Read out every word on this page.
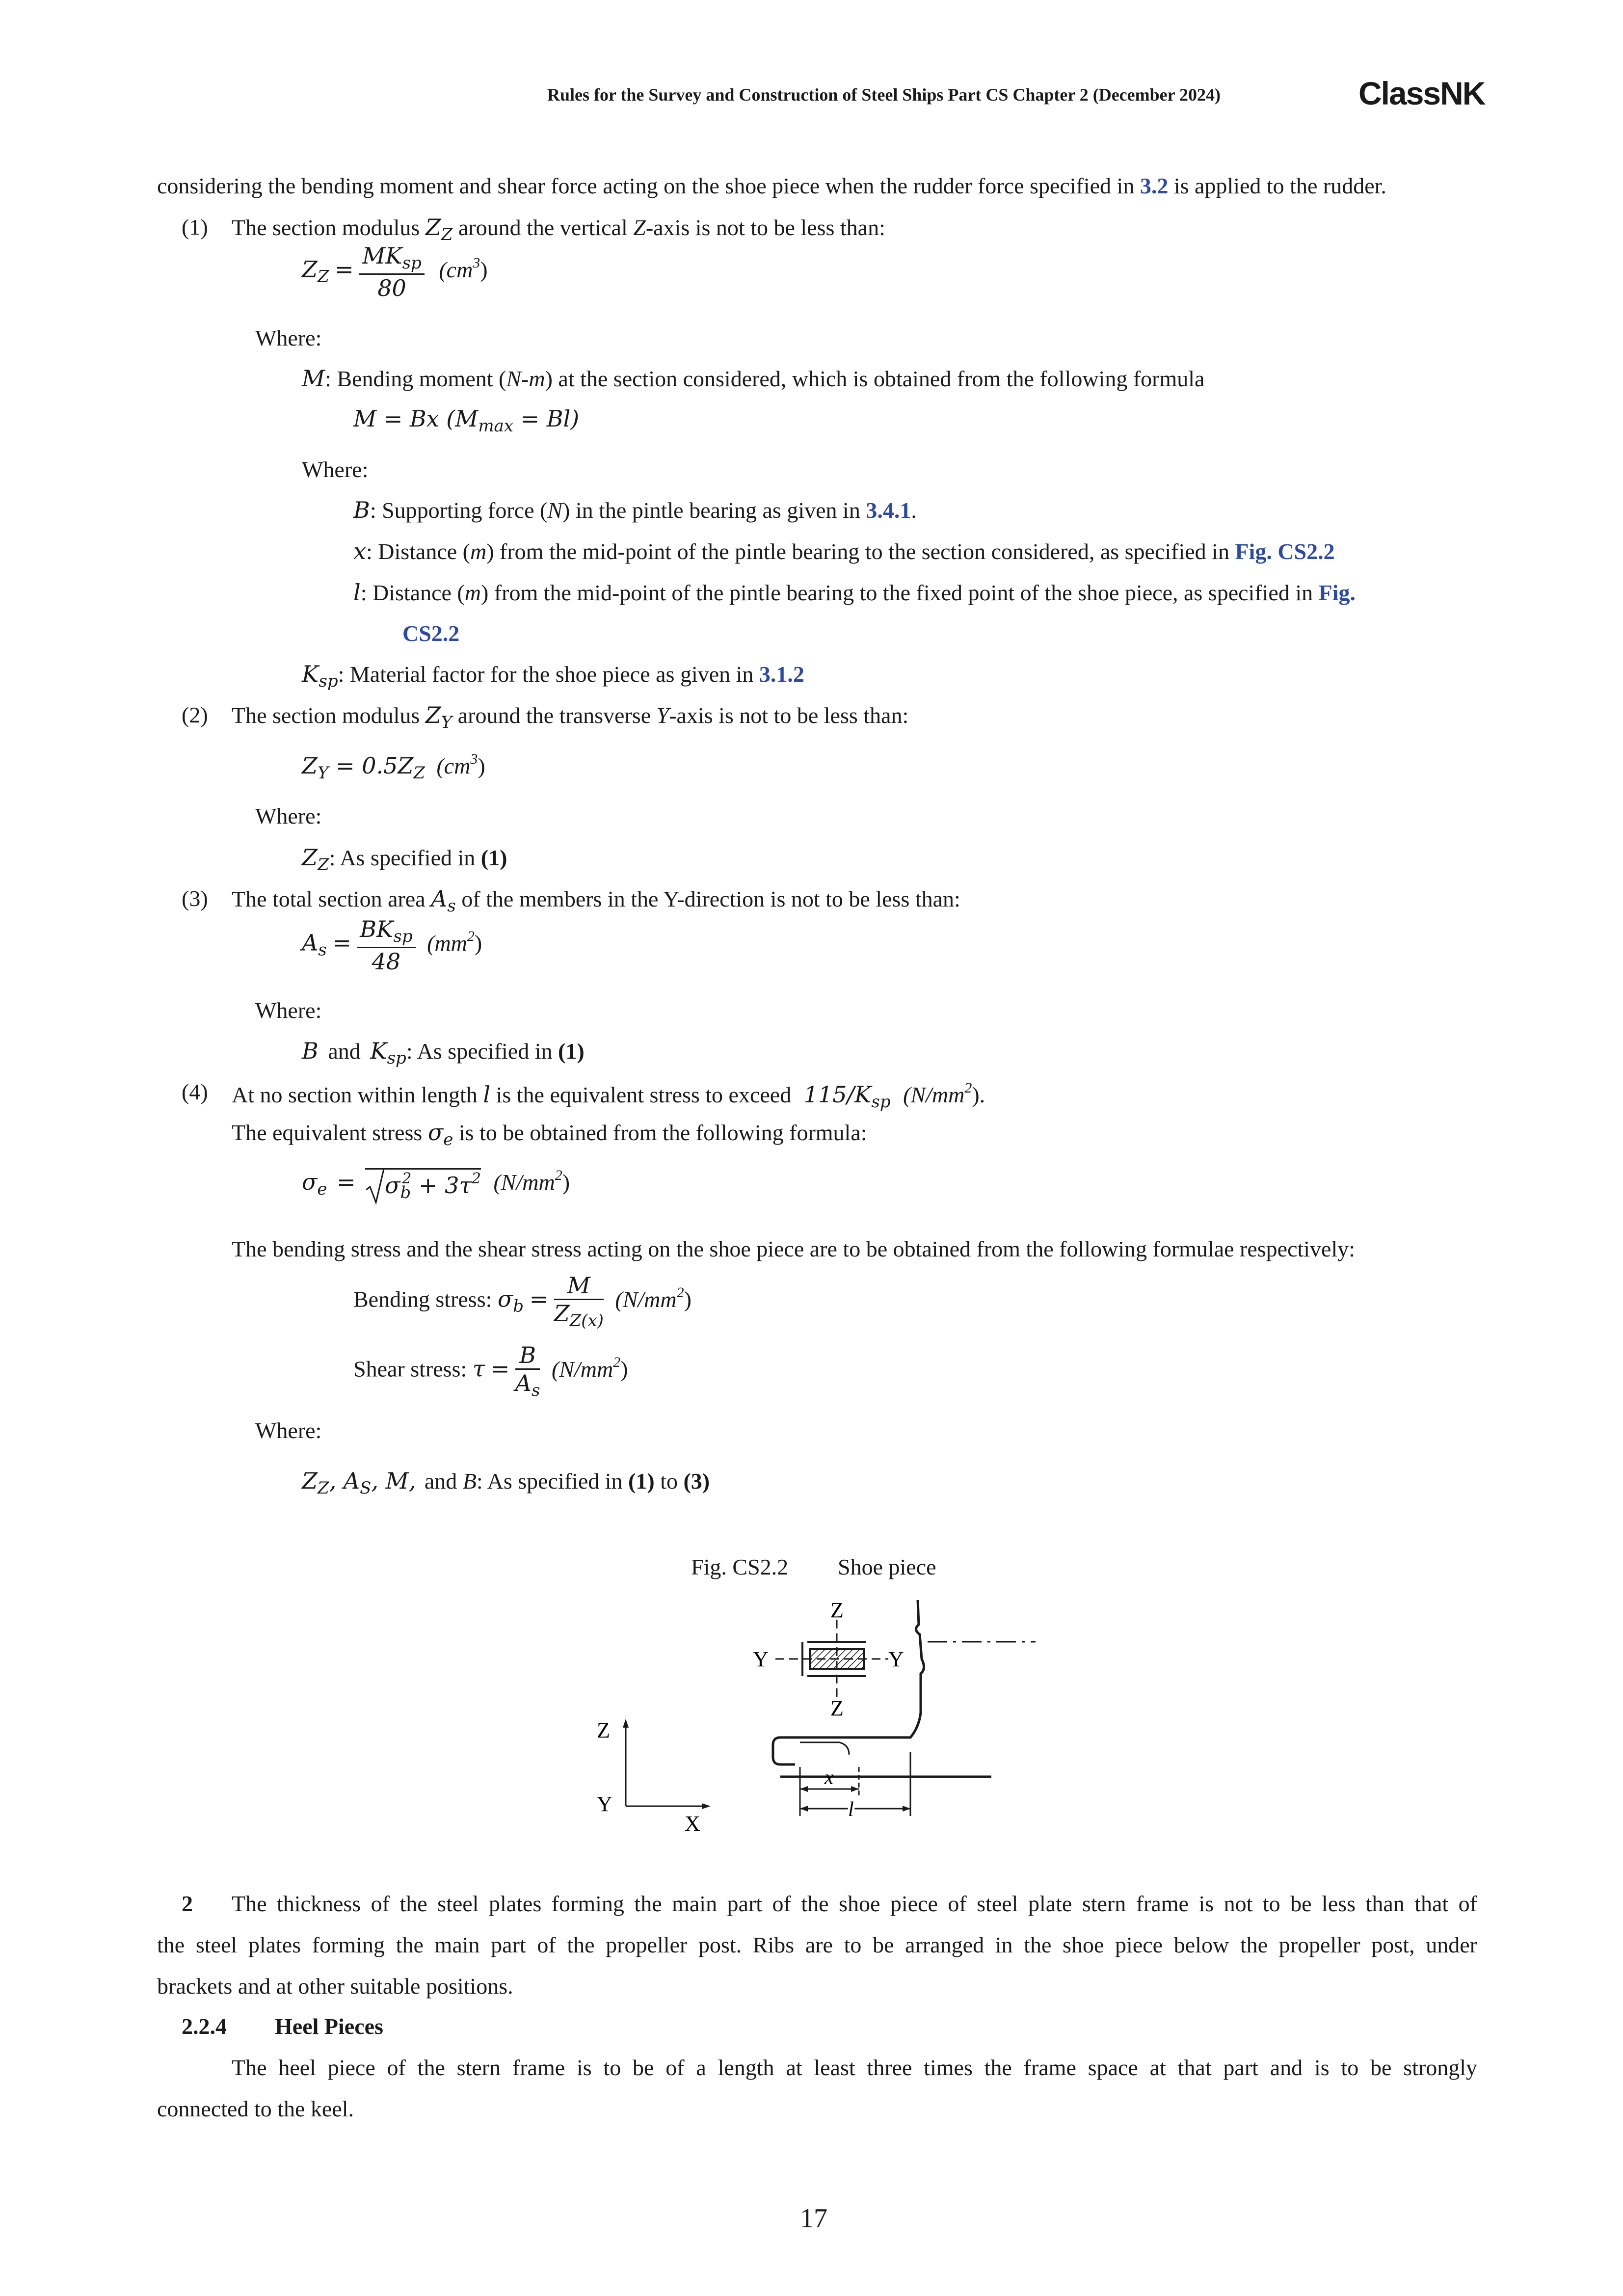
Rules for the Survey and Construction of Steel Ships Part CS Chapter 2 (December 2024)	ClassNK
considering the bending moment and shear force acting on the shoe piece when the rudder force specified in 3.2 is applied to the rudder.
(1) The section modulus $Z_Z$ around the vertical Z-axis is not to be less than:
$Z_Z = \frac{MK_{sp}}{80} (cm^3)$
Where:
M: Bending moment (N-m) at the section considered, which is obtained from the following formula
M = Bx $(M_{max} = Bl)$
Where:
B: Supporting force (N) in the pintle bearing as given in 3.4.1.
x: Distance (m) from the mid-point of the pintle bearing to the section considered, as specified in Fig. CS2.2
l: Distance (m) from the mid-point of the pintle bearing to the fixed point of the shoe piece, as specified in Fig.
CS2.2
$K_{sp}$: Material factor for the shoe piece as given in 3.1.2
(2) The section modulus $Z_Y$ around the transverse Y-axis is not to be less than:
$Z_Y = 0.5Z_Z$ $(cm^3)$
Where:
$Z_Z$: As specified in (1)
(3) The total section area $A_s$ of the members in the Y-direction is not to be less than:
$A_s = \frac{BK_{sp}}{48} (mm^2)$
Where:
B and $K_{sp}$: As specified in (1)
(4) At no section within length l is the equivalent stress to exceed $115/K_{sp}$ $(N/mm^2)$.
The equivalent stress $\sigma_e$ is to be obtained from the following formula:
$\sigma_e = \sigma_b^2 + 3\tau^2$ $(N/mm^2)$
The bending stress and the shear stress acting on the shoe piece are to be obtained from the following formulae respectively:
Bending stress: $\sigma_b = \frac{M}{Z_{Z(x)}} (N/mm^2)$
Shear stress: $\tau = \frac{B}{A_s} (N/mm^2)$
Where:
$Z_Z$, $A_S$, M, and B: As specified in (1) to (3)
Fig. CS2.2 Shoe piece
Z
Y	Y
Z
Z
Y
X
x
l
2 The thickness of the steel plates forming the main part of the shoe piece of steel plate stern frame is not to be less than that of
the steel plates forming the main part of the propeller post. Ribs are to be arranged in the shoe piece below the propeller post, under
brackets and at other suitable positions.
2.2.4 Heel Pieces
The heel piece of the stern frame is to be of a length at least three times the frame space at that part and is to be strongly
connected to the keel.
17
